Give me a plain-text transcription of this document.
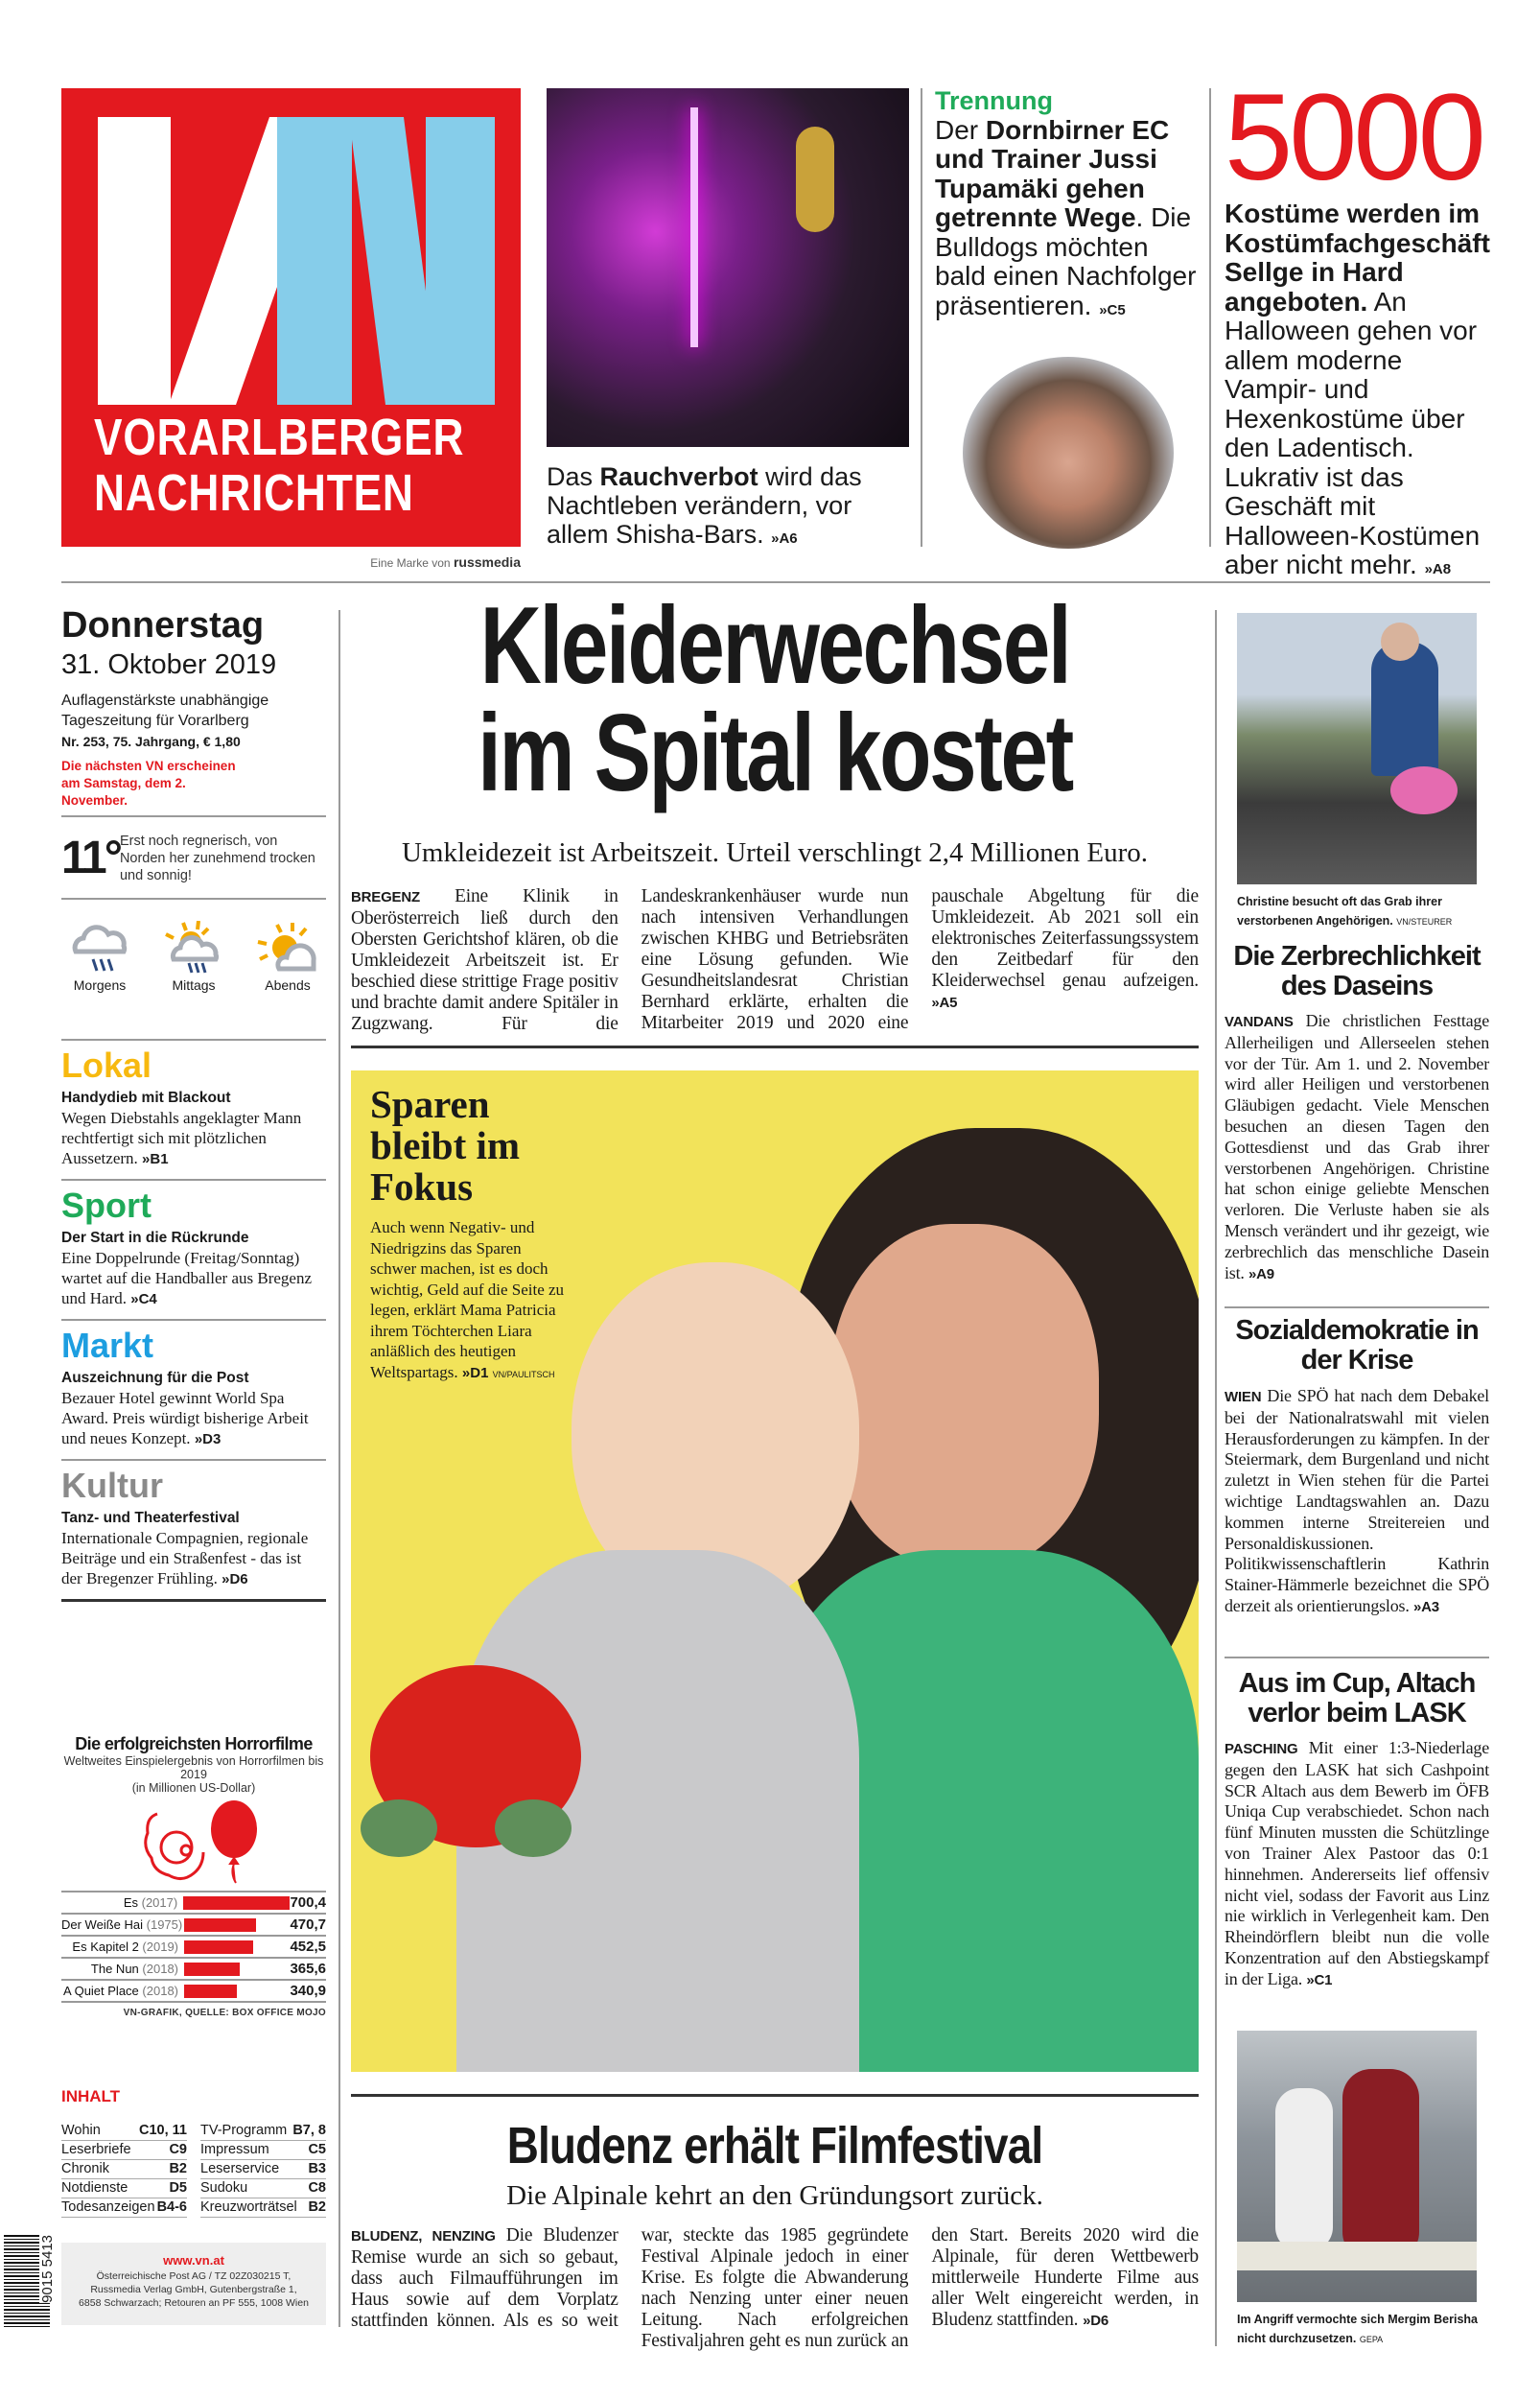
VORARLBERGER
NACHRICHTEN
Eine Marke von russmedia
Das Rauchverbot wird das Nachtleben verändern, vor allem Shisha-Bars. »A6
Trennung
Der Dornbirner EC und Trainer Jussi Tupamäki gehen getrennte Wege. Die Bulldogs möchten bald einen Nachfolger präsentieren. »C5
5000
Kostüme werden im Kostümfachgeschäft Sellge in Hard angeboten. An Halloween gehen vor allem moderne Vampir- und Hexenkostüme über den Ladentisch. Lukrativ ist das Geschäft mit Halloween-Kostümen aber nicht mehr. »A8
Donnerstag
31. Oktober 2019
Auflagenstärkste unabhängige Tageszeitung für Vorarlberg
Nr. 253, 75. Jahrgang, € 1,80
Die nächsten VN erscheinen am Samstag, dem 2. November.
11° Erst noch regnerisch, von Norden her zunehmend trocken und sonnig!
Morgens	Mittags	Abends
Lokal
Handydieb mit Blackout

Wegen Diebstahls angeklagter Mann rechtfertigt sich mit plötzlichen Aussetzern. »B1

Sport
Der Start in die Rückrunde

Eine Doppelrunde (Freitag/Sonntag) wartet auf die Handballer aus Bregenz und Hard. »C4

Markt
Auszeichnung für die Post

Bezauer Hotel gewinnt World Spa Award. Preis würdigt bisherige Arbeit und neues Konzept. »D3

Kultur
Tanz- und Theaterfestival

Internationale Compagnien, regionale Beiträge und ein Straßenfest - das ist der Bregenzer Frühling. »D6

Die erfolgreichsten Horrorfilme
Weltweites Einspielergebnis von Horrorfilmen bis 2019
(in Millionen US-Dollar)
Es (2017)	700,4
Der Weiße Hai (1975)	470,7
Es Kapitel 2 (2019)	452,5
The Nun (2018)	365,6
A Quiet Place (2018)	340,9
VN-GRAFIK, QUELLE: BOX OFFICE MOJO
INHALT
Wohin	C10, 11 TV-Programm B7, 8
Leserbriefe	C9 Impressum	C5
Chronik	B2 Leserservice B3
Notdienste	D5 Sudoku	C8
Todesanzeigen B4-6 Kreuzworträtsel B2
9015 5413	www.vn.at
Österreichische Post AG / TZ 02Z030215 T,
Russmedia Verlag GmbH, Gutenbergstraße 1,
6858 Schwarzach; Retouren an PF 555, 1008 Wien
Kleiderwechsel
im Spital kostet
Umkleidezeit ist Arbeitszeit. Urteil verschlingt 2,4 Millionen Euro.
BREGENZ Eine Klinik in Oberösterreich ließ durch den Obersten Gerichtshof klären, ob die Umkleidezeit Arbeitszeit ist. Er beschied diese strittige Frage positiv und brachte damit andere Spitäler in Zugzwang. Für die Landeskrankenhäuser wurde nun nach intensiven Verhandlungen zwischen KHBG und Betriebsräten eine Lösung gefunden. Wie Gesundheitslandesrat Christian Bernhard erklärte, erhalten die Mitarbeiter 2019 und 2020 eine pauschale Abgeltung für die Umkleidezeit. Ab 2021 soll ein elektronisches Zeiterfassungssystem den Zeitbedarf für den Kleiderwechsel genau aufzeigen. »A5
Sparen bleibt im Fokus
Auch wenn Negativ- und Niedrigzins das Sparen schwer machen, ist es doch wichtig, Geld auf die Seite zu legen, erklärt Mama Patricia ihrem Töchterchen Liara anläßlich des heutigen Weltspartags. »D1 VN/PAULITSCH
Bludenz erhält Filmfestival
Die Alpinale kehrt an den Gründungsort zurück.
BLUDENZ, NENZING Die Bludenzer Remise wurde an sich so gebaut, dass auch Filmaufführungen im Haus sowie auf dem Vorplatz stattfinden können. Als es so weit war, steckte das 1985 gegründete Festival Alpinale jedoch in einer Krise. Es folgte die Abwanderung nach Nenzing unter einer neuen Leitung. Nach erfolgreichen Festivaljahren geht es nun zurück an den Start. Bereits 2020 wird die Alpinale, für deren Wettbewerb mittlerweile Hunderte Filme aus aller Welt eingereicht werden, in Bludenz stattfinden. »D6
Christine besucht oft das Grab ihrer verstorbenen Angehörigen. VN/STEURER
Die Zerbrechlichkeit des Daseins
VANDANS Die christlichen Festtage Allerheiligen und Allerseelen stehen vor der Tür. Am 1. und 2. November wird aller Heiligen und verstorbenen Gläubigen gedacht. Viele Menschen besuchen an diesen Tagen den Gottesdienst und das Grab ihrer verstorbenen Angehörigen. Christine hat schon einige geliebte Menschen verloren. Die Verluste haben sie als Mensch verändert und ihr gezeigt, wie zerbrechlich das menschliche Dasein ist. »A9
Sozialdemokratie in der Krise
WIEN Die SPÖ hat nach dem Debakel bei der Nationalratswahl mit vielen Herausforderungen zu kämpfen. In der Steiermark, dem Burgenland und nicht zuletzt in Wien stehen für die Partei wichtige Landtagswahlen an. Dazu kommen interne Streitereien und Personaldiskussionen. Politikwissenschaftlerin Kathrin Stainer-Hämmerle bezeichnet die SPÖ derzeit als orientierungslos. »A3
Aus im Cup, Altach verlor beim LASK
PASCHING Mit einer 1:3-Niederlage gegen den LASK hat sich Cashpoint SCR Altach aus dem Bewerb im ÖFB Uniqa Cup verabschiedet. Schon nach fünf Minuten mussten die Schützlinge von Trainer Alex Pastoor das 0:1 hinnehmen. Andererseits lief offensiv nicht viel, sodass der Favorit aus Linz nie wirklich in Verlegenheit kam. Den Rheindörflern bleibt nun die volle Konzentration auf den Abstiegskampf in der Liga. »C1
Im Angriff vermochte sich Mergim Berisha nicht durchzusetzen. GEPA
